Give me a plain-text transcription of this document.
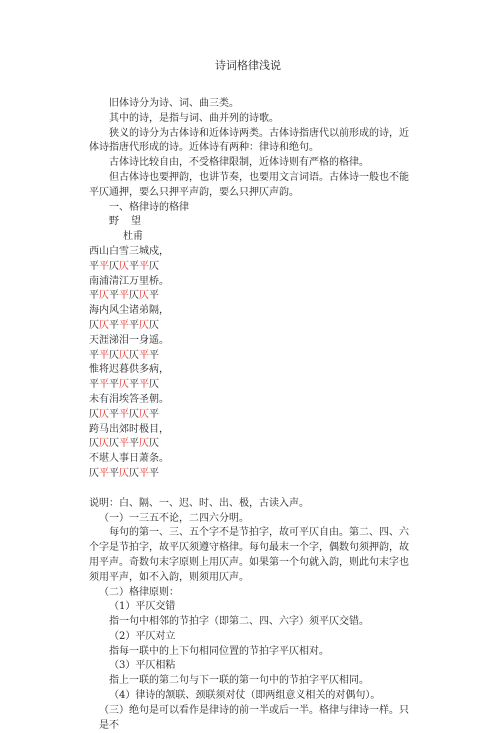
诗词格律浅说

旧体诗分为诗、词、曲三类。

其中的诗，是指与词、曲并列的诗歌。

狭义的诗分为古体诗和近体诗两类。古体诗指唐代以前形成的诗，近体诗指唐代形成的诗。近体诗有两种：律诗和绝句。

古体诗比较自由，不受格律限制，近体诗则有严格的格律。

但古体诗也要押韵，也讲节奏，也要用文言词语。古体诗一般也不能平仄通押，要么只押平声韵，要么只押仄声韵。

一、格律诗的格律

野　望

杜甫

西山白雪三城戍，

平平仄仄平平仄

南浦清江万里桥。

平仄平平仄仄平

海内风尘诸弟隔，

仄仄平平平仄仄

天涯涕泪一身遥。

平平仄仄仄平平

惟将迟暮供多病，

平平平仄平平仄

未有涓埃答圣朝。

仄仄平平仄仄平

跨马出郊时极目，

仄仄仄平平仄仄

不堪人事日萧条。

仄平平仄仄平平

说明：白、隔、一、迟、时、出、极，古读入声。

（一）一三五不论，二四六分明。

每句的第一、三、五个字不是节拍字，故可平仄自由。第二、四、六个字是节拍字，故平仄须遵守格律。每句最末一个字，偶数句须押韵，故用平声。奇数句末字原则上用仄声。如果第一个句就入韵，则此句末字也须用平声，如不入韵，则须用仄声。

（二）格律原则：

（1）平仄交错

指一句中相邻的节拍字（即第二、四、六字）须平仄交错。

（2）平仄对立

指每一联中的上下句相同位置的节拍字平仄相对。

（3）平仄相粘

指上一联的第二句与下一联的第一句中的节拍字平仄相同。

（4）律诗的颔联、颈联须对仗（即两组意义相关的对偶句）。

（三）绝句是可以看作是律诗的前一半或后一半。格律与律诗一样。只是不
